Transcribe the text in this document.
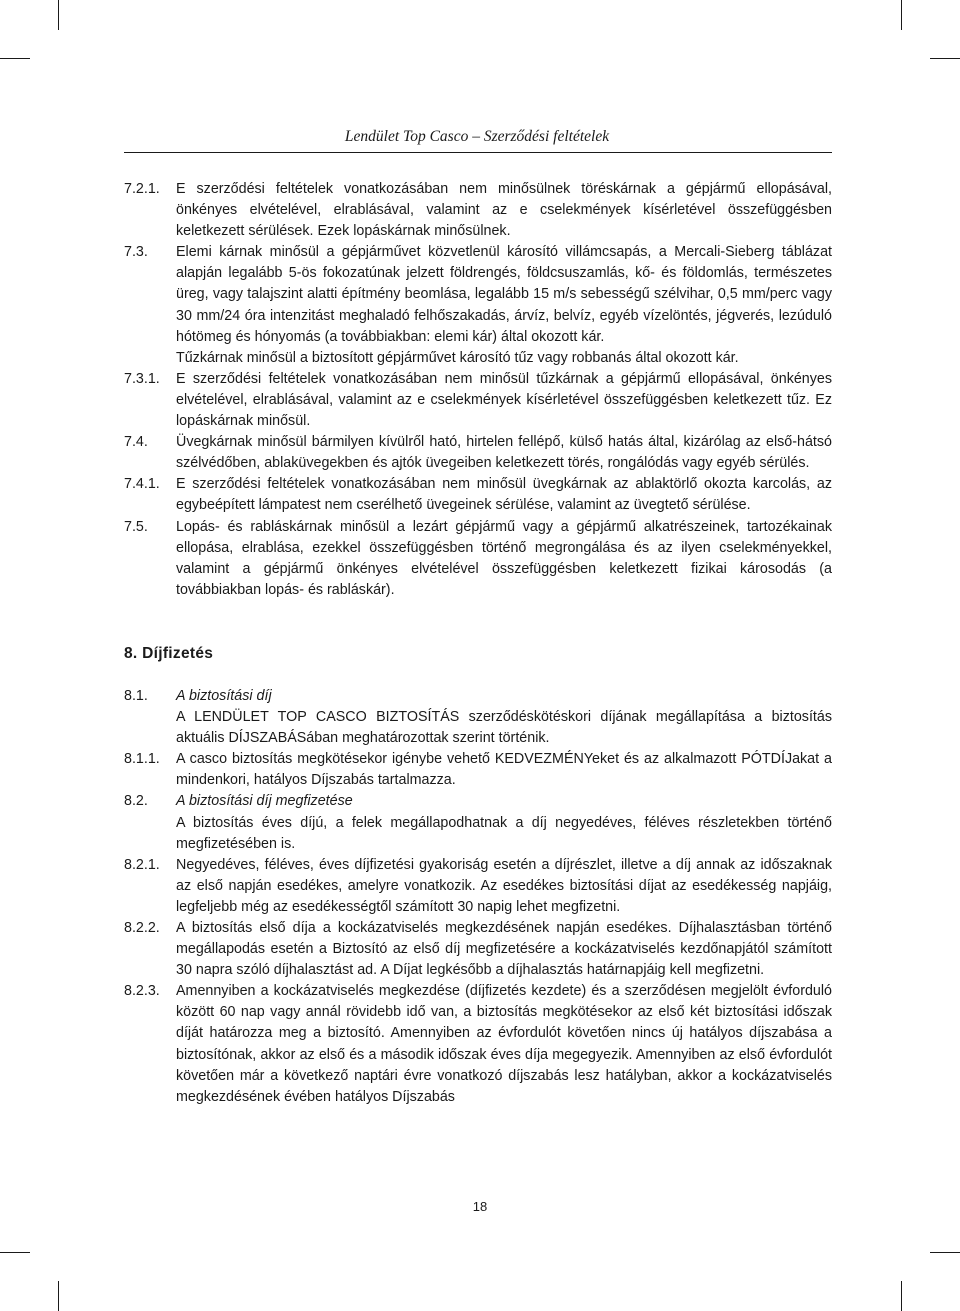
Lendület Top Casco – Szerződési feltételek
7.2.1.	E szerződési feltételek vonatkozásában nem minősülnek töréskárnak a gépjármű ellopásával, önkényes elvételével, elrablásával, valamint az e cselekmények kísérletével összefüggésben keletkezett sérülések. Ezek lopáskárnak minősülnek.
7.3.	Elemi kárnak minősül a gépjárművet közvetlenül károsító villámcsapás, a Mercali-Sieberg táblázat alapján legalább 5-ös fokozatúnak jelzett földrengés, földcsuszamlás, kő- és földomlás, természetes üreg, vagy talajszint alatti építmény beomlása, legalább 15 m/s sebességű szélvihar, 0,5 mm/perc vagy 30 mm/24 óra intenzitást meghaladó felhőszakadás, árvíz, belvíz, egyéb vízelöntés, jégverés, lezúduló hótömeg és hónyomás (a továbbiakban: elemi kár) által okozott kár.
Tűzkárnak minősül a biztosított gépjárművet károsító tűz vagy robbanás által okozott kár.
7.3.1.	E szerződési feltételek vonatkozásában nem minősül tűzkárnak a gépjármű ellopásával, önkényes elvételével, elrablásával, valamint az e cselekmények kísérletével összefüggésben keletkezett tűz. Ez lopáskárnak minősül.
7.4.	Üvegkárnak minősül bármilyen kívülről ható, hirtelen fellépő, külső hatás által, kizárólag az első-hátsó szélvédőben, ablaküvegekben és ajtók üvegeiben keletkezett törés, rongálódás vagy egyéb sérülés.
7.4.1.	E szerződési feltételek vonatkozásában nem minősül üvegkárnak az ablaktörlő okozta karcolás, az egybeépített lámpatest nem cserélhető üvegeinek sérülése, valamint az üvegtető sérülése.
7.5.	Lopás- és rabláskárnak minősül a lezárt gépjármű vagy a gépjármű alkatrészeinek, tartozékainak ellopása, elrablása, ezekkel összefüggésben történő megrongálása és az ilyen cselekményekkel, valamint a gépjármű önkényes elvételével összefüggésben keletkezett fizikai károsodás (a továbbiakban lopás- és rabláskár).
8. Díjfizetés
8.1.	A biztosítási díj
A LENDÜLET TOP CASCO BIZTOSÍTÁS szerződéskötéskori díjának megállapítása a biztosítás aktuális DÍJSZABÁSában meghatározottak szerint történik.
8.1.1.	A casco biztosítás megkötésekor igénybe vehető KEDVEZMÉNYeket és az alkalmazott PÓTDÍJakat a mindenkori, hatályos Díjszabás tartalmazza.
8.2.	A biztosítási díj megfizetése
A biztosítás éves díjú, a felek megállapodhatnak a díj negyedéves, féléves részletekben történő megfizetésében is.
8.2.1.	Negyedéves, féléves, éves díjfizetési gyakoriság esetén a díjrészlet, illetve a díj annak az időszaknak az első napján esedékes, amelyre vonatkozik. Az esedékes biztosítási díjat az esedékesség napjáig, legfeljebb még az esedékességtől számított 30 napig lehet megfizetni.
8.2.2.	A biztosítás első díja a kockázatviselés megkezdésének napján esedékes. Díjhalasztásban történő megállapodás esetén a Biztosító az első díj megfizetésére a kockázatviselés kezdőnapjától számított 30 napra szóló díjhalasztást ad. A Díjat legkésőbb a díjhalasztás határnapjáig kell megfizetni.
8.2.3.	Amennyiben a kockázatviselés megkezdése (díjfizetés kezdete) és a szerződésen megjelölt évforduló között 60 nap vagy annál rövidebb idő van, a biztosítás megkötésekor az első két biztosítási időszak díját határozza meg a biztosító. Amennyiben az évfordulót követően nincs új hatályos díjszabása a biztosítónak, akkor az első és a második időszak éves díja megegyezik. Amennyiben az első évfordulót követően már a következő naptári évre vonatkozó díjszabás lesz hatályban, akkor a kockázatviselés megkezdésének évében hatályos Díjszabás
18
